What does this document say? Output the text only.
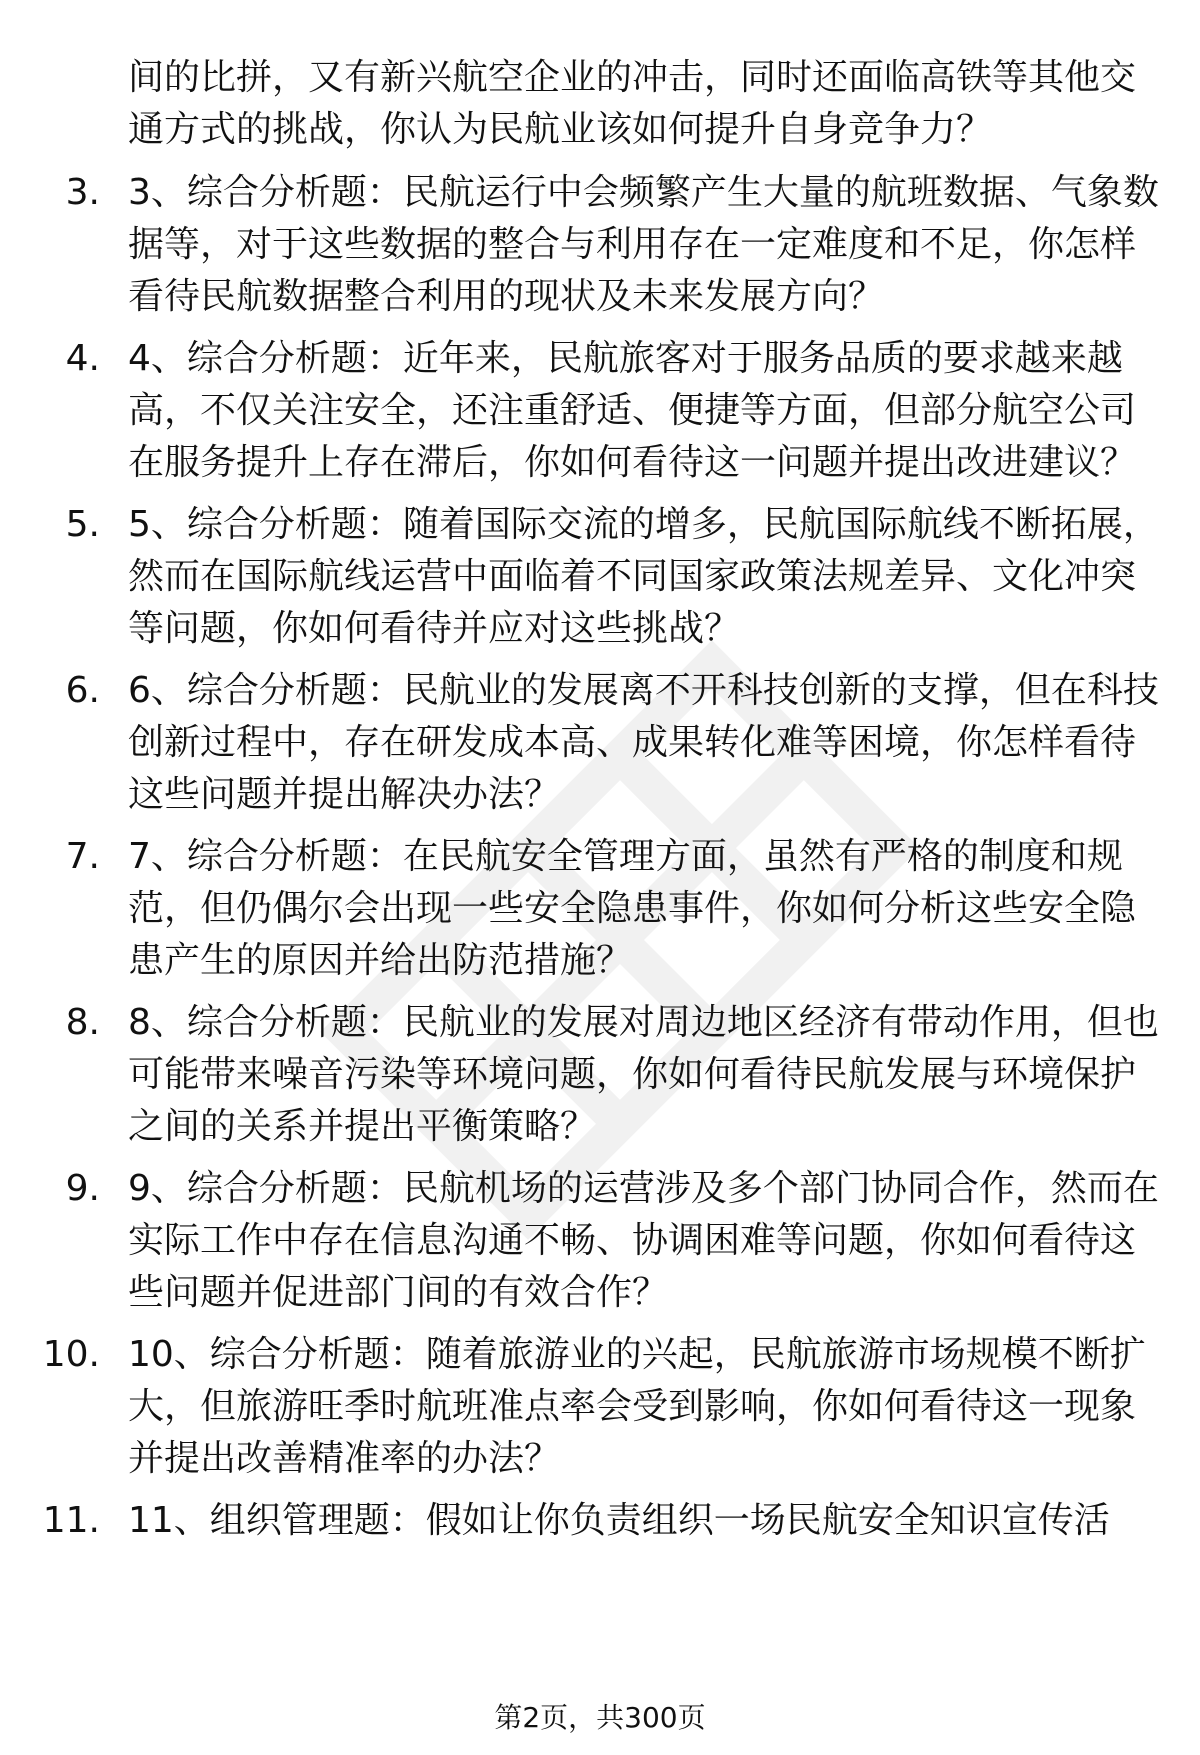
间的比拼，又有新兴航空企业的冲击，同时还面临高铁等其他交
通方式的挑战，你认为民航业该如何提升自身竞争力？
3. 3、综合分析题：民航运行中会频繁产生大量的航班数据、气象数
据等，对于这些数据的整合与利用存在一定难度和不足，你怎样
看待民航数据整合利用的现状及未来发展方向？
4. 4、综合分析题：近年来，民航旅客对于服务品质的要求越来越
高，不仅关注安全，还注重舒适、便捷等方面，但部分航空公司
在服务提升上存在滞后，你如何看待这一问题并提出改进建议？
5. 5、综合分析题：随着国际交流的增多，民航国际航线不断拓展，
然而在国际航线运营中面临着不同国家政策法规差异、文化冲突
等问题，你如何看待并应对这些挑战？
6. 6、综合分析题：民航业的发展离不开科技创新的支撑，但在科技
创新过程中，存在研发成本高、成果转化难等困境，你怎样看待
这些问题并提出解决办法？
7. 7、综合分析题：在民航安全管理方面，虽然有严格的制度和规
范，但仍偶尔会出现一些安全隐患事件，你如何分析这些安全隐
患产生的原因并给出防范措施？
8. 8、综合分析题：民航业的发展对周边地区经济有带动作用，但也
可能带来噪音污染等环境问题，你如何看待民航发展与环境保护
之间的关系并提出平衡策略？
9. 9、综合分析题：民航机场的运营涉及多个部门协同合作，然而在
实际工作中存在信息沟通不畅、协调困难等问题，你如何看待这
些问题并促进部门间的有效合作？
10. 10、综合分析题：随着旅游业的兴起，民航旅游市场规模不断扩
大，但旅游旺季时航班准点率会受到影响，你如何看待这一现象
并提出改善精准率的办法？
11. 11、组织管理题：假如让你负责组织一场民航安全知识宣传活
第2页，共300页
